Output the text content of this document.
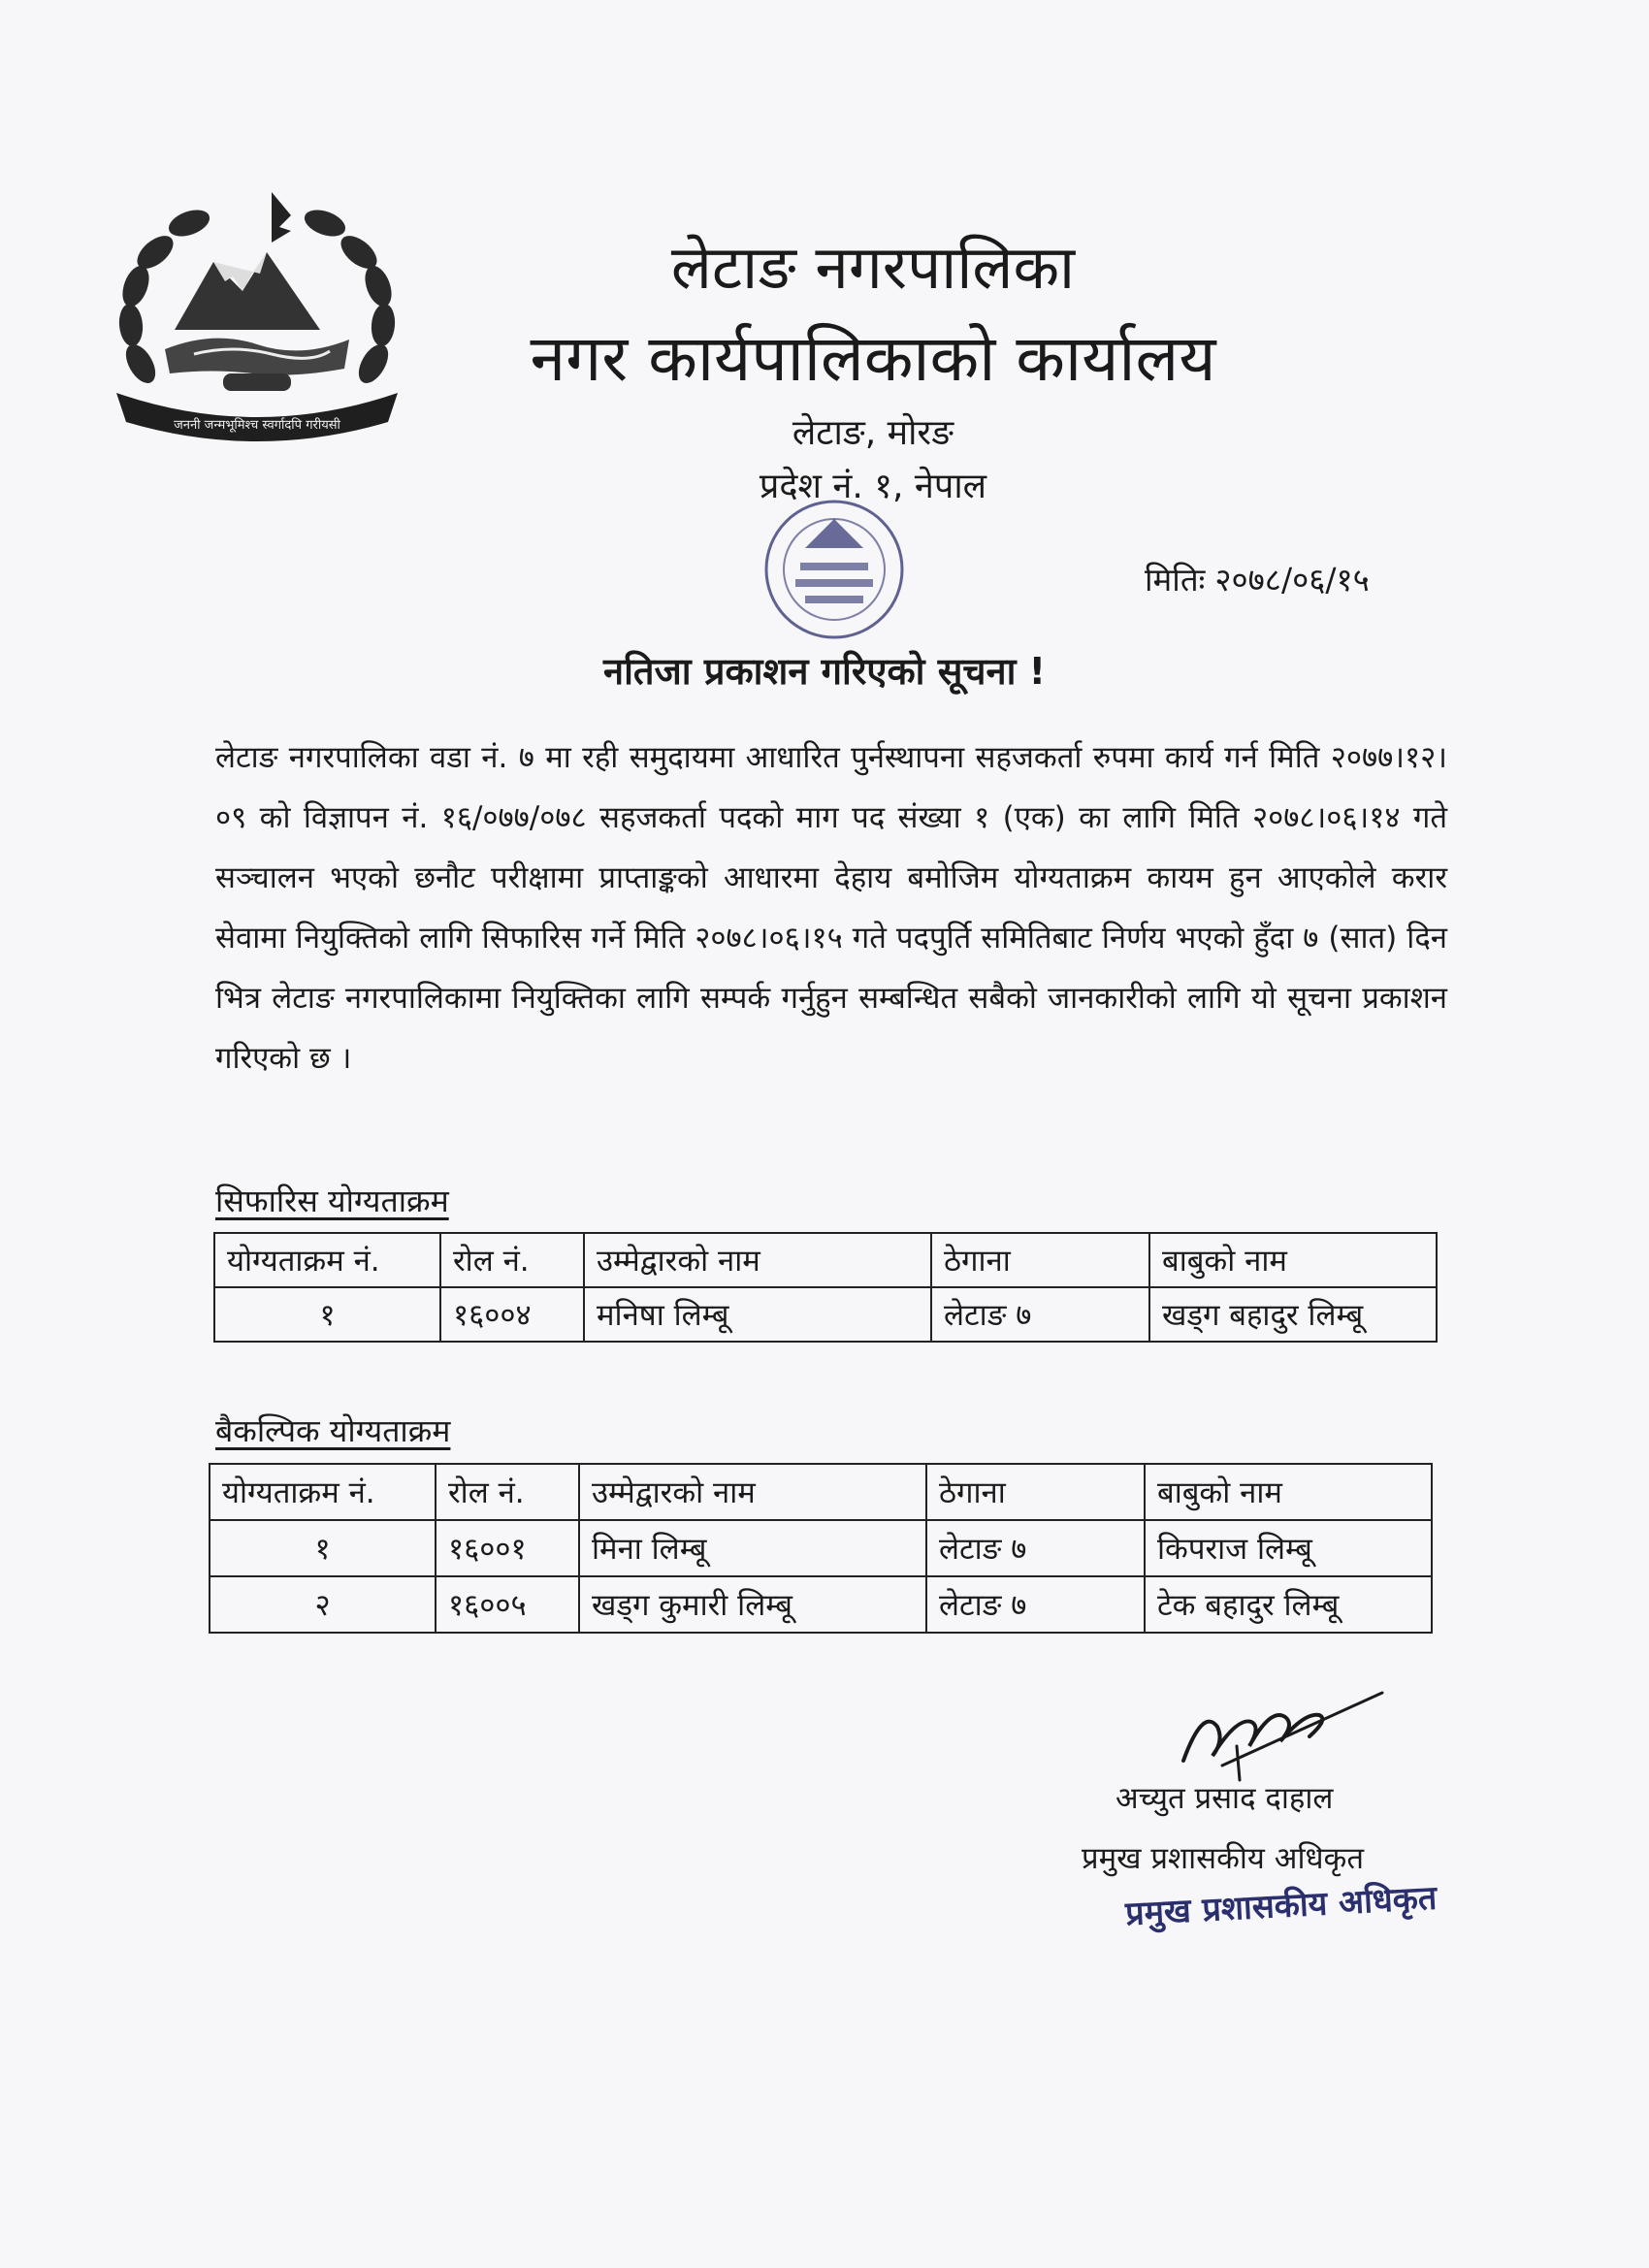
जननी जन्मभूमिश्च स्वर्गादपि गरीयसी
लेटाङ नगरपालिका
नगर कार्यपालिकाको कार्यालय
लेटाङ, मोरङ
प्रदेश नं. १, नेपाल
मितिः २०७८/०६/१५
नतिजा प्रकाशन गरिएको सूचना !
लेटाङ नगरपालिका वडा नं. ७ मा रही समुदायमा आधारित पुर्नस्थापना सहजकर्ता रुपमा कार्य गर्न मिति २०७७।१२।०९ को विज्ञापन नं. १६/०७७/०७८ सहजकर्ता पदको माग पद संख्या १ (एक) का लागि मिति २०७८।०६।१४ गते सञ्चालन भएको छनौट परीक्षामा प्राप्ताङ्कको आधारमा देहाय बमोजिम योग्यताक्रम कायम हुन आएकोले करार सेवामा नियुक्तिको लागि सिफारिस गर्ने मिति २०७८।०६।१५ गते पदपुर्ति समितिबाट निर्णय भएको हुँदा ७ (सात) दिन भित्र लेटाङ नगरपालिकामा नियुक्तिका लागि सम्पर्क गर्नुहुन सम्बन्धित सबैको जानकारीको लागि यो सूचना प्रकाशन गरिएको छ ।
सिफारिस योग्यताक्रम
योग्यताक्रम नं.	रोल नं.	उम्मेद्वारको नाम	ठेगाना	बाबुको नाम
१	१६००४	मनिषा लिम्बू	लेटाङ ७	खड्ग बहादुर लिम्बू
बैकल्पिक योग्यताक्रम
योग्यताक्रम नं.	रोल नं.	उम्मेद्वारको नाम	ठेगाना	बाबुको नाम
१	१६००१	मिना लिम्बू	लेटाङ ७	किपराज लिम्बू
२	१६००५	खड्ग कुमारी लिम्बू	लेटाङ ७	टेक बहादुर लिम्बू
अच्युत प्रसाद दाहाल
प्रमुख प्रशासकीय अधिकृत
प्रमुख प्रशासकीय अधिकृत
